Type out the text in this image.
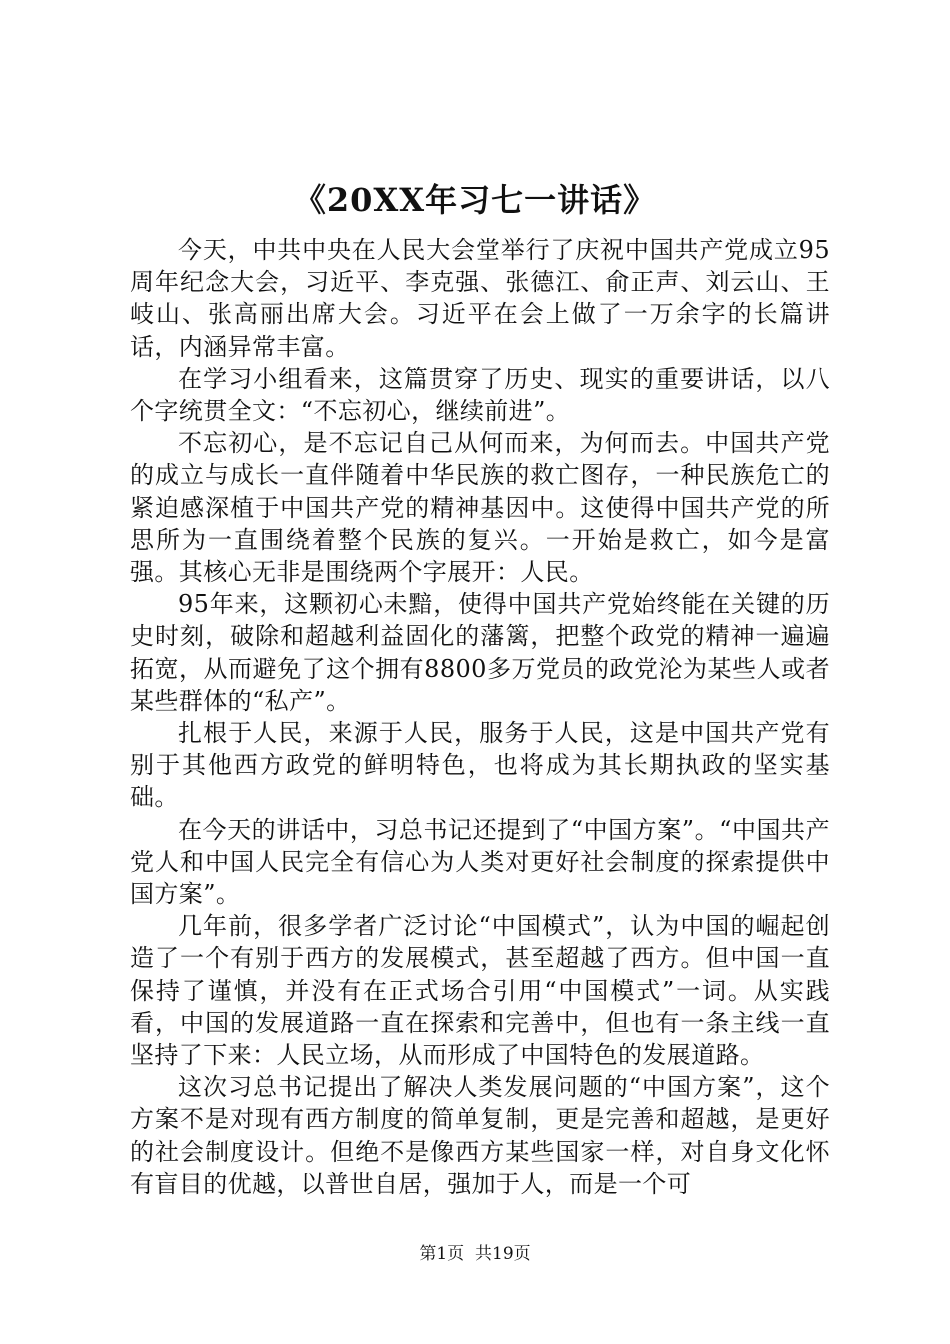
《20XX年习七一讲话》

今天，中共中央在人民大会堂举行了庆祝中国共产党成立95周年纪念大会，习近平、李克强、张德江、俞正声、刘云山、王岐山、张高丽出席大会。习近平在会上做了一万余字的长篇讲话，内涵异常丰富。

在学习小组看来，这篇贯穿了历史、现实的重要讲话，以八个字统贯全文：“不忘初心，继续前进”。

不忘初心，是不忘记自己从何而来，为何而去。中国共产党的成立与成长一直伴随着中华民族的救亡图存，一种民族危亡的紧迫感深植于中国共产党的精神基因中。这使得中国共产党的所思所为一直围绕着整个民族的复兴。一开始是救亡，如今是富强。其核心无非是围绕两个字展开：人民。

95年来，这颗初心未黯，使得中国共产党始终能在关键的历史时刻，破除和超越利益固化的藩篱，把整个政党的精神一遍遍拓宽，从而避免了这个拥有8800多万党员的政党沦为某些人或者某些群体的“私产”。

扎根于人民，来源于人民，服务于人民，这是中国共产党有别于其他西方政党的鲜明特色，也将成为其长期执政的坚实基础。

在今天的讲话中，习总书记还提到了“中国方案”。“中国共产党人和中国人民完全有信心为人类对更好社会制度的探索提供中国方案”。

几年前，很多学者广泛讨论“中国模式”，认为中国的崛起创造了一个有别于西方的发展模式，甚至超越了西方。但中国一直保持了谨慎，并没有在正式场合引用“中国模式”一词。从实践看，中国的发展道路一直在探索和完善中，但也有一条主线一直坚持了下来：人民立场，从而形成了中国特色的发展道路。

这次习总书记提出了解决人类发展问题的“中国方案”，这个方案不是对现有西方制度的简单复制，更是完善和超越，是更好的社会制度设计。但绝不是像西方某些国家一样，对自身文化怀有盲目的优越，以普世自居，强加于人，而是一个可

第1页 共19页
